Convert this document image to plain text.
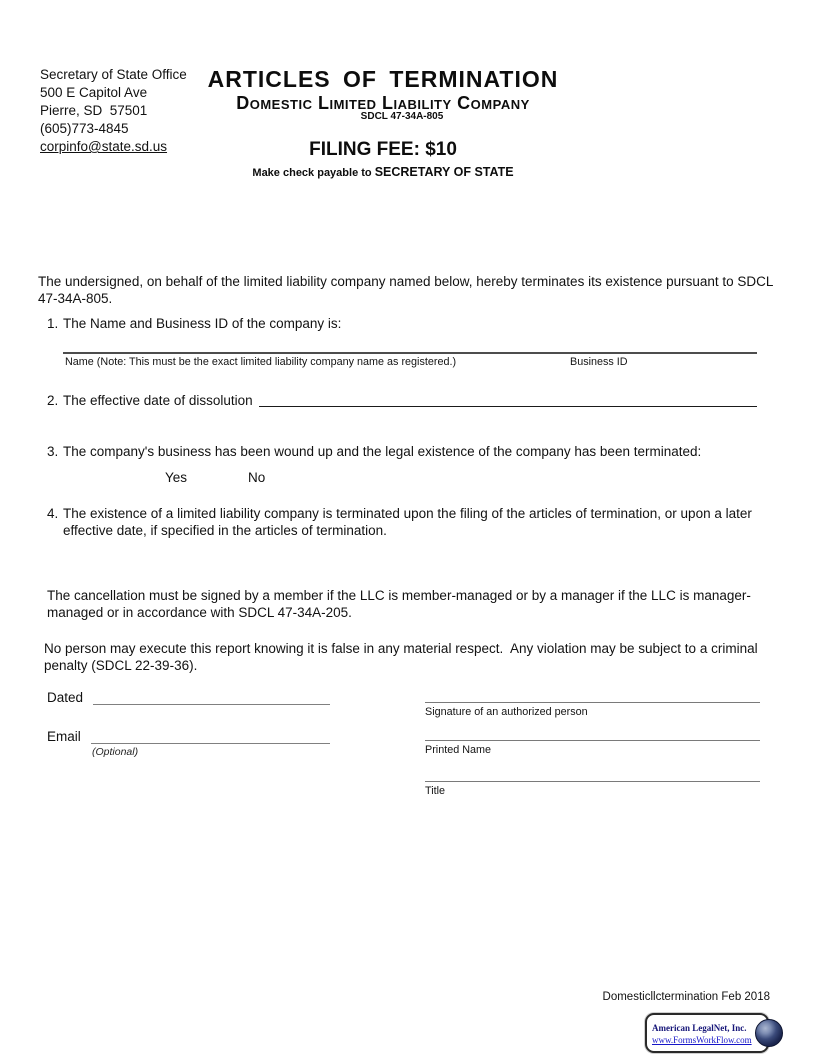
Secretary of State Office
500 E Capitol Ave
Pierre, SD  57501
(605)773-4845
corpinfo@state.sd.us
ARTICLES OF TERMINATION
Domestic Limited Liability Company
SDCL 47-34A-805
FILING FEE: $10
Make check payable to SECRETARY OF STATE
The undersigned, on behalf of the limited liability company named below, hereby terminates its existence pursuant to SDCL 47-34A-805.
1. The Name and Business ID of the company is:
Name (Note: This must be the exact limited liability company name as registered.)	Business ID
2. The effective date of dissolution
3. The company's business has been wound up and the legal existence of the company has been terminated:
Yes	No
4. The existence of a limited liability company is terminated upon the filing of the articles of termination, or upon a later effective date, if specified in the articles of termination.
The cancellation must be signed by a member if the LLC is member-managed or by a manager if the LLC is manager-managed or in accordance with SDCL 47-34A-205.
No person may execute this report knowing it is false in any material respect.  Any violation may be subject to a criminal penalty (SDCL 22-39-36).
Dated
Email
(Optional)
Signature of an authorized person
Printed Name
Title
Domesticllctermination Feb 2018
American LegalNet, Inc.
www.FormsWorkFlow.com
